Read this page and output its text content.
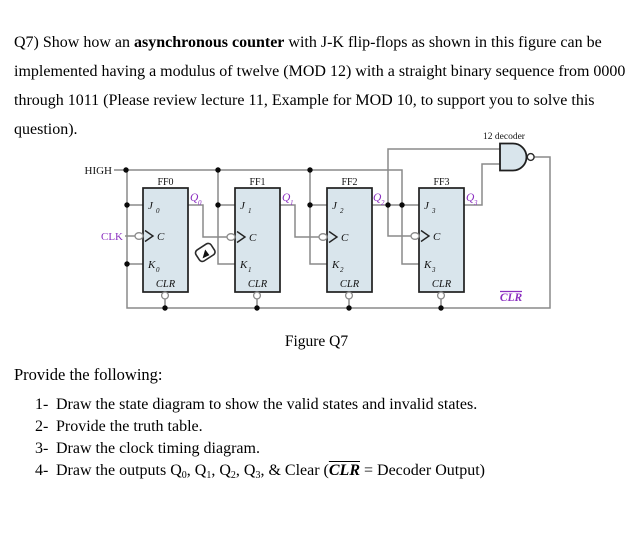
Q7) Show how an asynchronous counter with J-K flip-flops as shown in this figure can be
implemented having a modulus of twelve (MOD 12) with a straight binary sequence from 0000
through 1011 (Please review lecture 11, Example for MOD 10, to support you to solve this
question).
FF0
J 0
C
K 0
CLR
Q 0
FF1
J 1
C
K 1
CLR
Q 1
FF2
J 2
C
K 2
CLR
Q 2
FF3
J 3
C
K 3
CLR
Q 3
12 decoder
HIGH
CLK
CLR
Figure Q7
Provide the following:
1- Draw the state diagram to show the valid states and invalid states.
2- Provide the truth table.
3- Draw the clock timing diagram.
4- Draw the outputs Q0, Q1, Q2, Q3, & Clear ($\overline{CLR}$ = Decoder Output)
